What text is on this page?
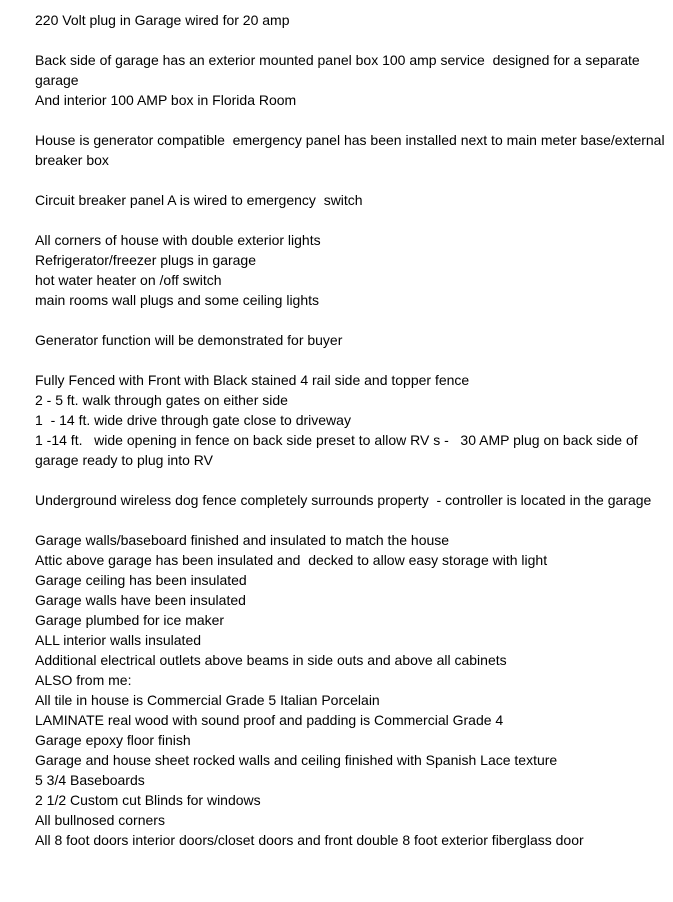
220 Volt plug in Garage wired for 20 amp
Back side of garage has an exterior mounted panel box 100 amp service  designed for a separate garage
And interior 100 AMP box in Florida Room
House is generator compatible  emergency panel has been installed next to main meter base/external breaker box
Circuit breaker panel A is wired to emergency  switch
All corners of house with double exterior lights
Refrigerator/freezer plugs in garage
hot water heater on /off switch
main rooms wall plugs and some ceiling lights
Generator function will be demonstrated for buyer
Fully Fenced with Front with Black stained 4 rail side and topper fence
2 - 5 ft. walk through gates on either side
1  - 14 ft. wide drive through gate close to driveway
1 -14 ft.   wide opening in fence on back side preset to allow RV s -   30 AMP plug on back side of garage ready to plug into RV
Underground wireless dog fence completely surrounds property  - controller is located in the garage
Garage walls/baseboard finished and insulated to match the house
Attic above garage has been insulated and  decked to allow easy storage with light
Garage ceiling has been insulated
Garage walls have been insulated
Garage plumbed for ice maker
ALL interior walls insulated
Additional electrical outlets above beams in side outs and above all cabinets
ALSO from me:
All tile in house is Commercial Grade 5 Italian Porcelain
LAMINATE real wood with sound proof and padding is Commercial Grade 4
Garage epoxy floor finish
Garage and house sheet rocked walls and ceiling finished with Spanish Lace texture
5 3/4 Baseboards
2 1/2 Custom cut Blinds for windows
All bullnosed corners
All 8 foot doors interior doors/closet doors and front double 8 foot exterior fiberglass door
